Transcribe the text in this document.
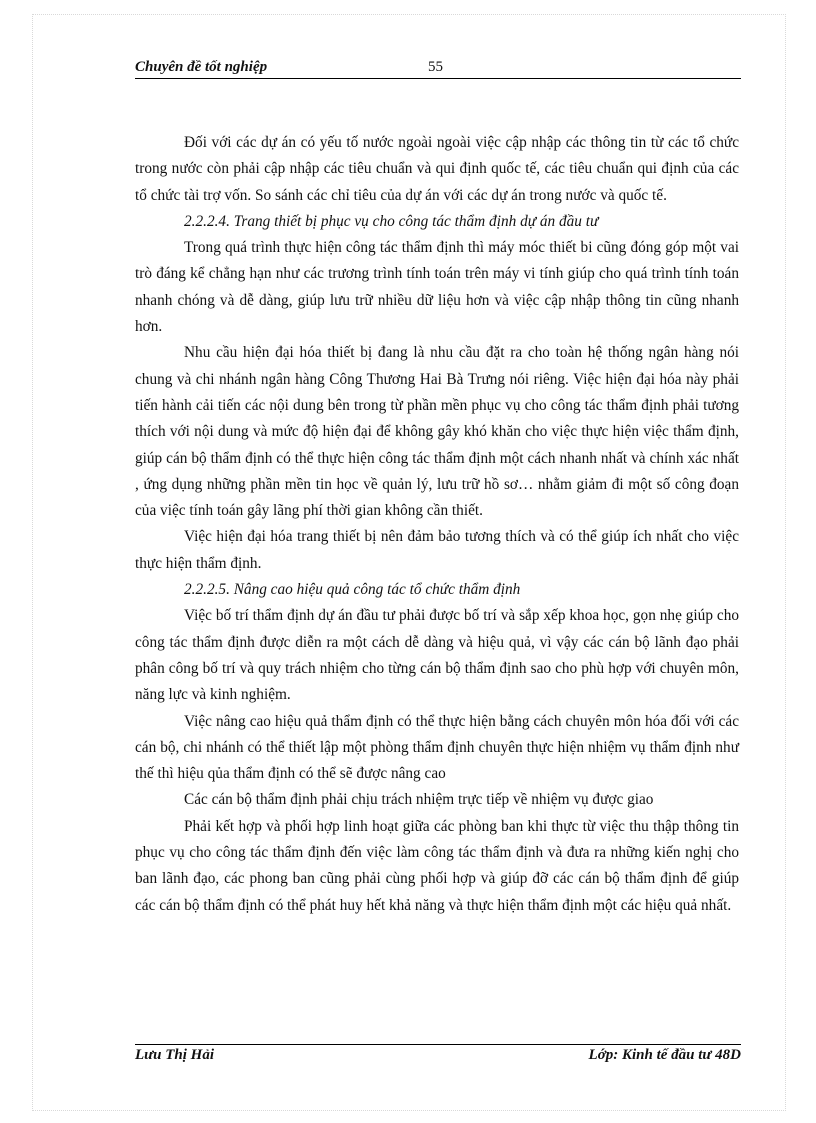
Chuyên đề tốt nghiệp	55

Đối với các dự án có yếu tố nước ngoài ngoài việc cập nhập các thông tin từ các tổ chức trong nước còn phải cập nhập các tiêu chuẩn và qui định quốc tế, các tiêu chuẩn qui định của các tổ chức tài trợ vốn. So sánh các chỉ tiêu của dự án với các dự án trong nước và quốc tế.

2.2.2.4. Trang thiết bị phục vụ cho công tác thẩm định dự án đầu tư

Trong quá trình thực hiện công tác thẩm định thì máy móc thiết bi cũng đóng góp một vai trò đáng kể chẳng hạn như các trương trình tính toán trên máy vi tính giúp cho quá trình tính toán nhanh chóng và dễ dàng, giúp lưu trữ nhiều dữ liệu hơn và việc cập nhập thông tin cũng nhanh hơn.

Nhu cầu hiện đại hóa thiết bị đang là nhu cầu đặt ra cho toàn hệ thống ngân hàng nói chung và chi nhánh ngân hàng Công Thương Hai Bà Trưng nói riêng. Việc hiện đại hóa này phải tiến hành cải tiến các nội dung bên trong từ phần mền phục vụ cho công tác thẩm định phải tương thích với nội dung và mức độ hiện đại để không gây khó khăn cho việc thực hiện việc thẩm định, giúp cán bộ thẩm định có thể thực hiện công tác thẩm định một cách nhanh nhất và chính xác nhất , ứng dụng những phần mền tin học về quản lý, lưu trữ hồ sơ… nhằm giảm đi một số công đoạn của việc tính toán gây lãng phí thời gian không cần thiết.

Việc hiện đại hóa trang thiết bị nên đảm bảo tương thích và có thể giúp ích nhất cho việc thực hiện thẩm định.

2.2.2.5. Nâng cao hiệu quả công tác tổ chức thẩm định

Việc bố trí thẩm định dự án đầu tư phải được bố trí và sắp xếp khoa học, gọn nhẹ giúp cho công tác thẩm định được diễn ra một cách dễ dàng và hiệu quả, vì vậy các cán bộ lãnh đạo phải phân công bố trí và quy trách nhiệm cho từng cán bộ thẩm định sao cho phù hợp với chuyên môn, năng lực và kinh nghiệm.

Việc nâng cao hiệu quả thẩm định có thể thực hiện bằng cách chuyên môn hóa đối với các cán bộ, chi nhánh có thể thiết lập một phòng thẩm định chuyên thực hiện nhiệm vụ thẩm định như thế thì hiệu qủa thẩm định có thể sẽ được nâng cao

Các cán bộ thẩm định phải chịu trách nhiệm trực tiếp về nhiệm vụ được giao

Phải kết hợp và phối hợp linh hoạt giữa các phòng ban khi thực từ việc thu thập thông tin phục vụ cho công tác thẩm định đến việc làm công tác thẩm định và đưa ra những kiến nghị cho ban lãnh đạo, các phong ban cũng phải cùng phối hợp và giúp đỡ các cán bộ thẩm định để giúp các cán bộ thẩm định có thể phát huy hết khả năng và thực hiện thẩm định một các hiệu quả nhất.

Lưu Thị Hải	Lớp: Kinh tế đầu tư 48D
